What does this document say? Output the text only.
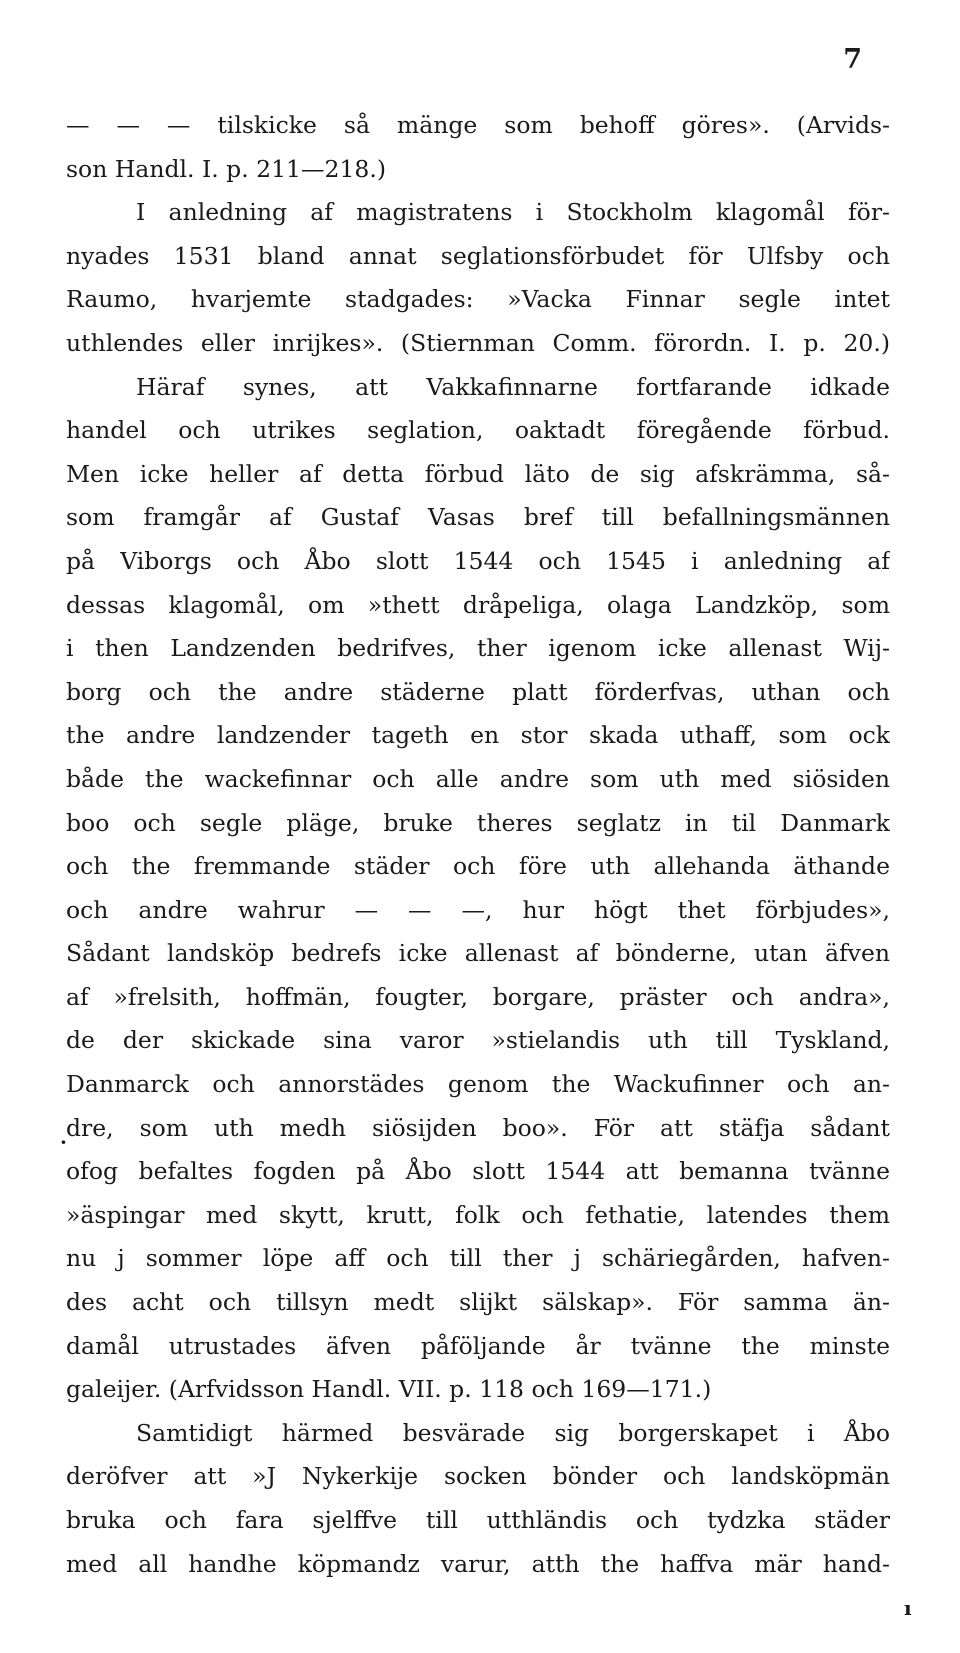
7
— — — tilskicke så mänge som behoff göres». (Arvids-
son Handl. I. p. 211—218.)
I anledning af magistratens i Stockholm klagomål för-
nyades 1531 bland annat seglationsförbudet för Ulfsby och
Raumo, hvarjemte stadgades: »Vacka Finnar segle intet
uthlendes eller inrijkes». (Stiernman Comm. förordn. I. p. 20.)
Häraf synes, att Vakkafinnarne fortfarande idkade
handel och utrikes seglation, oaktadt föregående förbud.
Men icke heller af detta förbud läto de sig afskrämma, så-
som framgår af Gustaf Vasas bref till befallningsmännen
på Viborgs och Åbo slott 1544 och 1545 i anledning af
dessas klagomål, om »thett dråpeliga, olaga Landzköp, som
i then Landzenden bedrifves, ther igenom icke allenast Wij-
borg och the andre städerne platt förderfvas, uthan och
the andre landzender tageth en stor skada uthaff, som ock
både the wackefinnar och alle andre som uth med siösiden
boo och segle pläge, bruke theres seglatz in til Danmark
och the fremmande städer och före uth allehanda äthande
och andre wahrur — — —, hur högt thet förbjudes»,
Sådant landsköp bedrefs icke allenast af bönderne, utan äfven
af »frelsith, hoffmän, fougter, borgare, präster och andra»,
de der skickade sina varor »stielandis uth till Tyskland,
Danmarck och annorstädes genom the Wackufinner och an-
dre, som uth medh siösijden boo». För att stäfja sådant
ofog befaltes fogden på Åbo slott 1544 att bemanna tvänne
»äspingar med skytt, krutt, folk och fethatie, latendes them
nu j sommer löpe aff och till ther j schäriegården, hafven-
des acht och tillsyn medt slijkt sälskap». För samma än-
damål utrustades äfven påföljande år tvänne the minste
galeijer. (Arfvidsson Handl. VII. p. 118 och 169—171.)
Samtidigt härmed besvärade sig borgerskapet i Åbo
deröfver att »J Nykerkije socken bönder och landsköpmän
bruka och fara sjelffve till utthländis och tydzka städer
med all handhe köpmandz varur, atth the haffva mär hand-
·
ı
